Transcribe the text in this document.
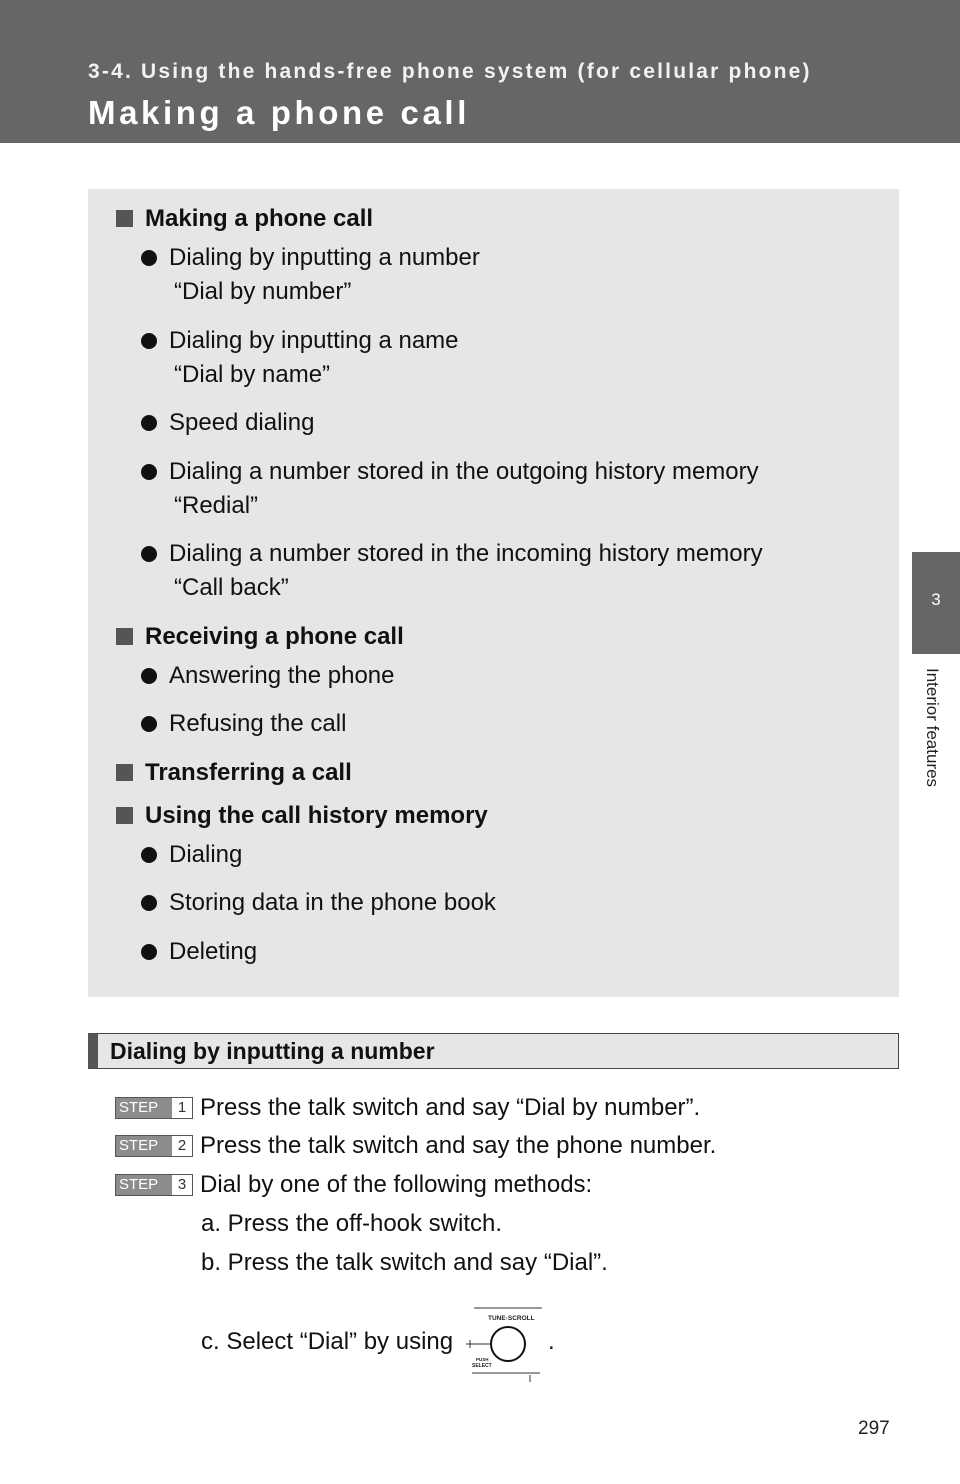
3-4. Using the hands-free phone system (for cellular phone)
Making a phone call
3
Interior features
Making a phone call
Dialing by inputting a number
“Dial by number”
Dialing by inputting a name
“Dial by name”
Speed dialing
Dialing a number stored in the outgoing history memory
“Redial”
Dialing a number stored in the incoming history memory
“Call back”
Receiving a phone call
Answering the phone
Refusing the call
Transferring a call
Using the call history memory
Dialing
Storing data in the phone book
Deleting
Dialing by inputting a number
STEP	1 Press the talk switch and say “Dial by number”.
STEP	2 Press the talk switch and say the phone number.
STEP	3 Dial by one of the following methods:
a. Press the off-hook switch.
b. Press the talk switch and say “Dial”.
c. Select “Dial” by using	.
TUNE·SCROLL
PUSH
SELECT
297
